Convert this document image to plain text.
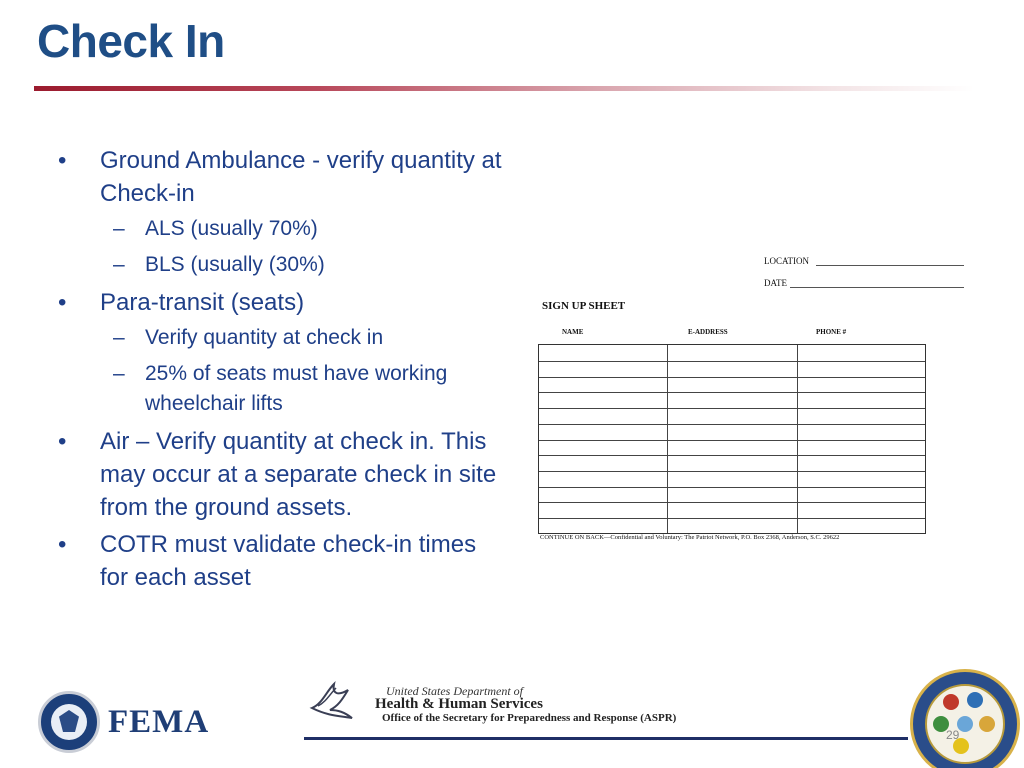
Check In
• Ground Ambulance - verify quantity at Check-in
– ALS (usually 70%)
– BLS (usually (30%)
• Para-transit (seats)
– Verify quantity at check in
– 25% of seats must have working wheelchair lifts
• Air – Verify quantity at check in. This may occur at a separate check in site from the ground assets.
• COTR must validate check-in times for each asset
LOCATION
DATE
SIGN UP SHEET
NAME	E-ADDRESS	PHONE #
CONTINUE ON BACK—Confidential and Voluntary: The Patriot Network, P.O. Box 2368, Anderson, S.C. 29622
FEMA
United States Department of
Health & Human Services
Office of the Secretary for Preparedness and Response (ASPR)
29
